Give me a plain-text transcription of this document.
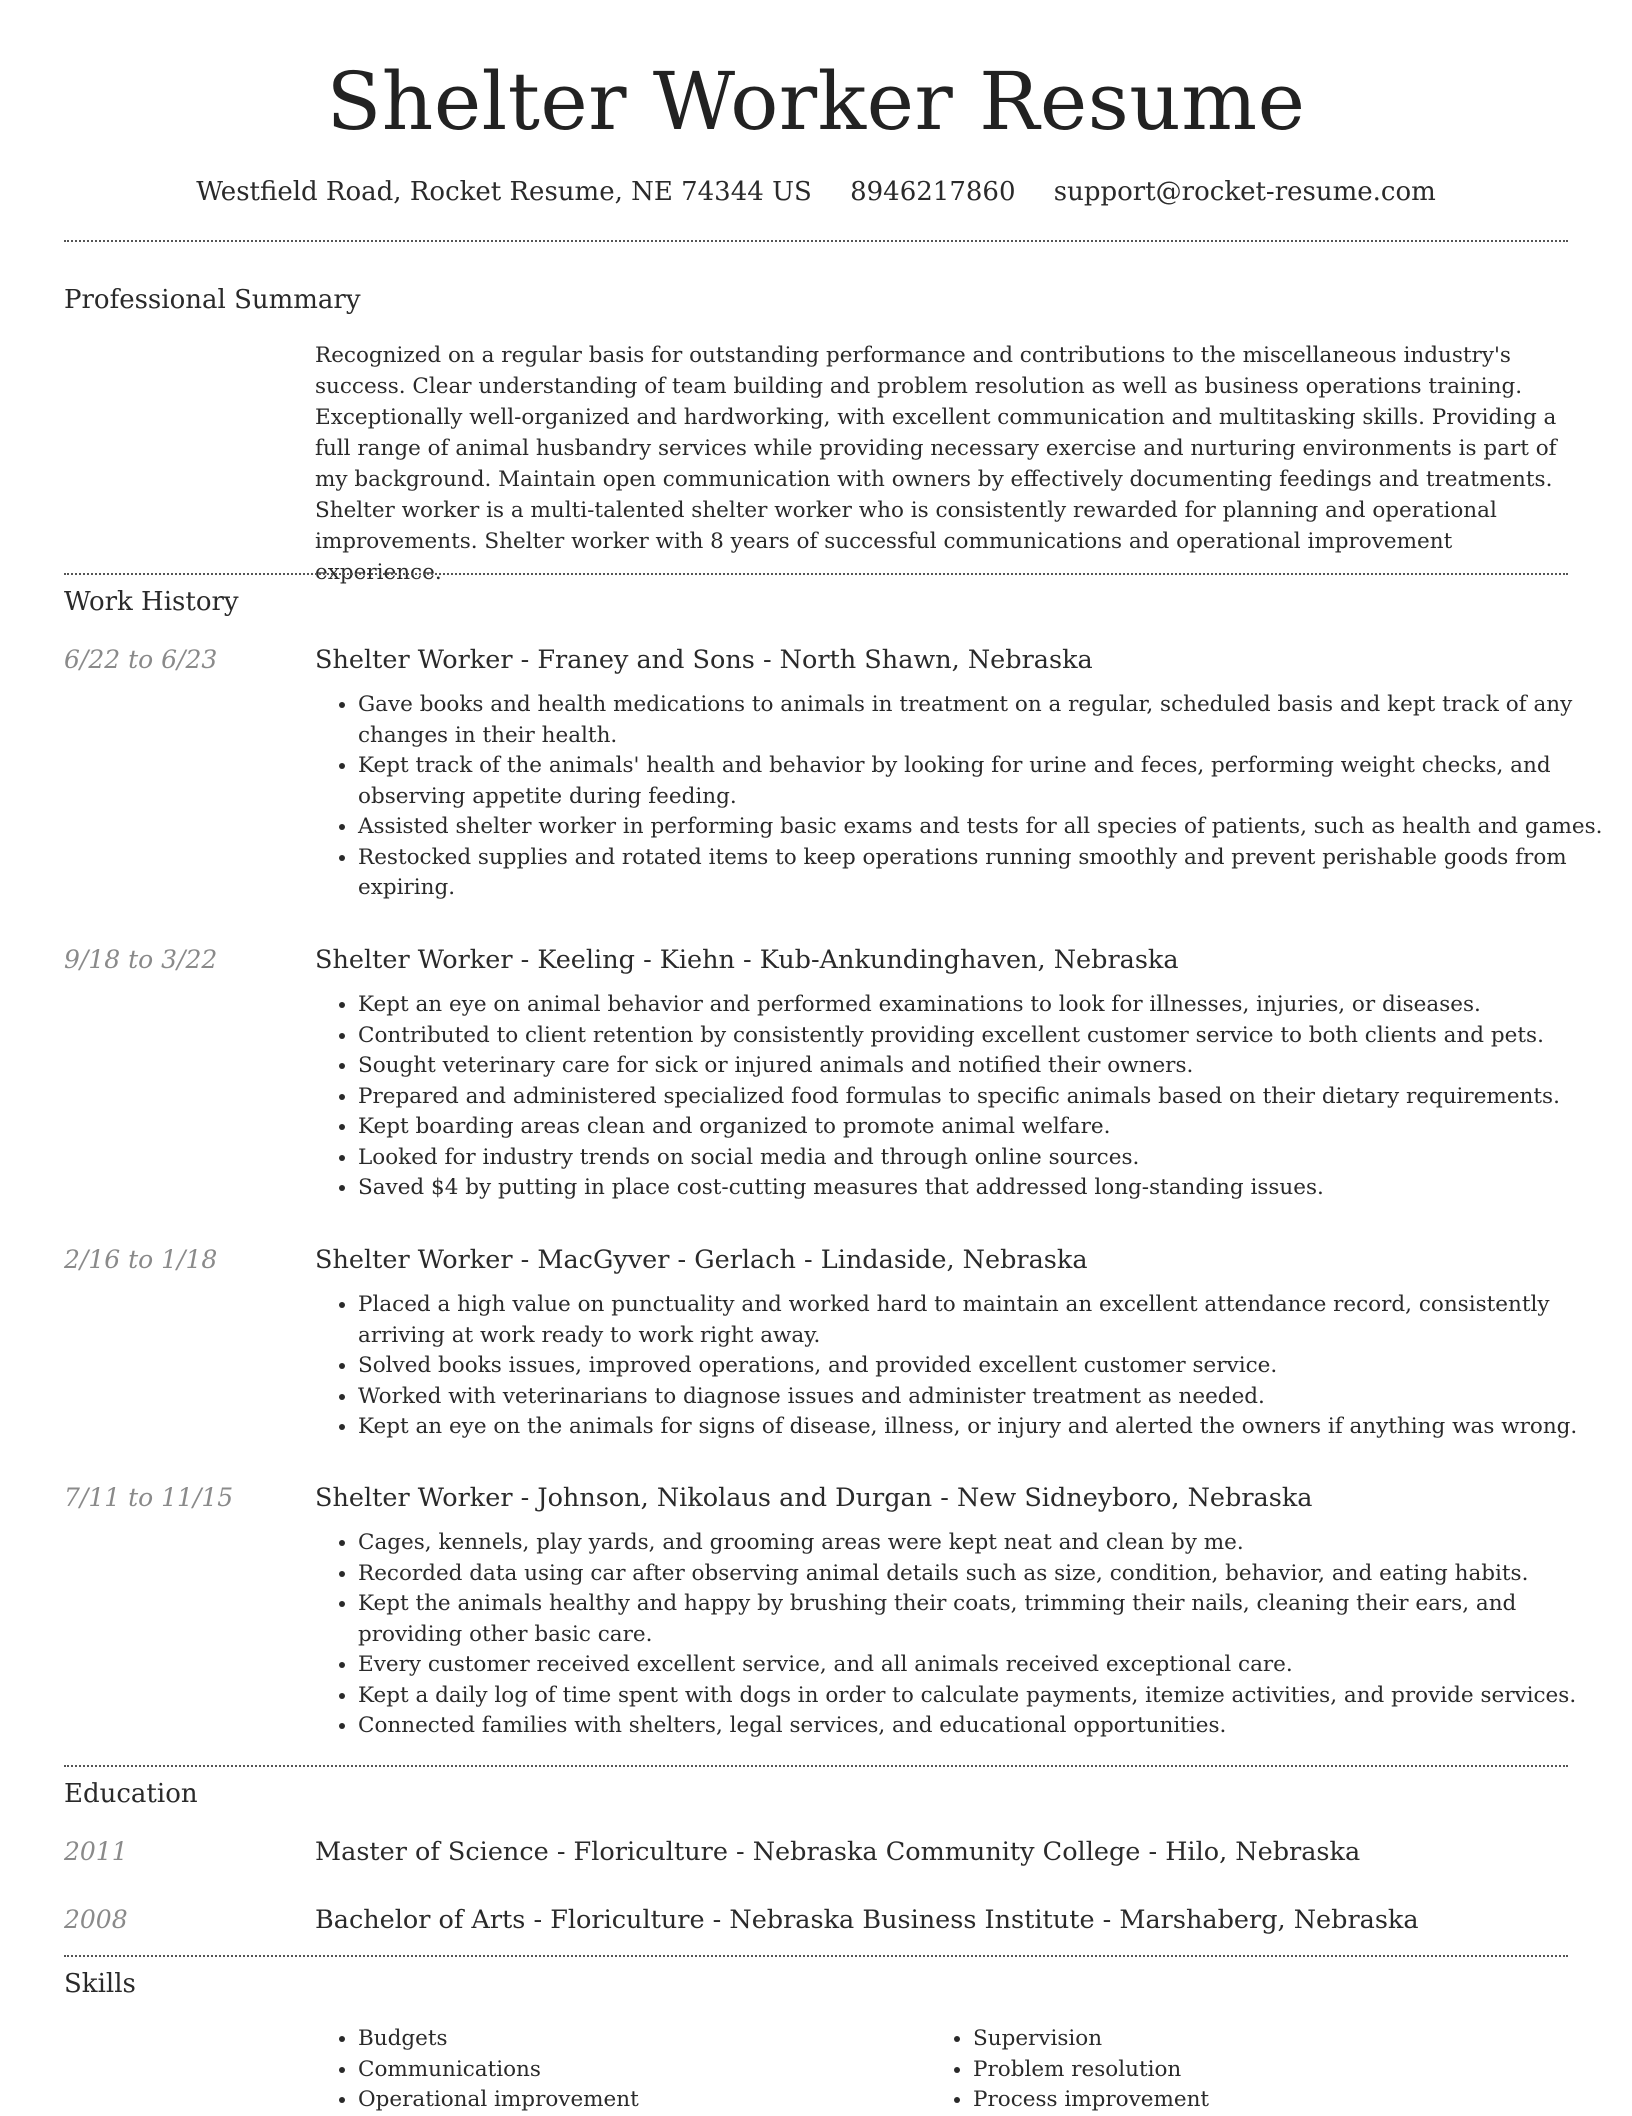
Shelter Worker Resume
Westfield Road, Rocket Resume, NE 74344 US 8946217860 support@rocket-resume.com
Professional Summary

Recognized on a regular basis for outstanding performance and contributions to the miscellaneous industry's success. Clear understanding of team building and problem resolution as well as business operations training. Exceptionally well-organized and hardworking, with excellent communication and multitasking skills. Providing a full range of animal husbandry services while providing necessary exercise and nurturing environments is part of my background. Maintain open communication with owners by effectively documenting feedings and treatments. Shelter worker is a multi-talented shelter worker who is consistently rewarded for planning and operational improvements. Shelter worker with 8 years of successful communications and operational improvement experience.

Work History
6/22 to 6/23	Shelter Worker - Franey and Sons - North Shawn, Nebraska
• Gave books and health medications to animals in treatment on a regular, scheduled basis and kept track of any changes in their health.
• Kept track of the animals' health and behavior by looking for urine and feces, performing weight checks, and observing appetite during feeding.
• Assisted shelter worker in performing basic exams and tests for all species of patients, such as health and games.
• Restocked supplies and rotated items to keep operations running smoothly and prevent perishable goods from expiring.
9/18 to 3/22	Shelter Worker - Keeling - Kiehn - Kub-Ankundinghaven, Nebraska
• Kept an eye on animal behavior and performed examinations to look for illnesses, injuries, or diseases.
• Contributed to client retention by consistently providing excellent customer service to both clients and pets.
• Sought veterinary care for sick or injured animals and notified their owners.
• Prepared and administered specialized food formulas to specific animals based on their dietary requirements.
• Kept boarding areas clean and organized to promote animal welfare.
• Looked for industry trends on social media and through online sources.
• Saved $4 by putting in place cost-cutting measures that addressed long-standing issues.
2/16 to 1/18	Shelter Worker - MacGyver - Gerlach - Lindaside, Nebraska
• Placed a high value on punctuality and worked hard to maintain an excellent attendance record, consistently arriving at work ready to work right away.
• Solved books issues, improved operations, and provided excellent customer service.
• Worked with veterinarians to diagnose issues and administer treatment as needed.
• Kept an eye on the animals for signs of disease, illness, or injury and alerted the owners if anything was wrong.
7/11 to 11/15	Shelter Worker - Johnson, Nikolaus and Durgan - New Sidneyboro, Nebraska
• Cages, kennels, play yards, and grooming areas were kept neat and clean by me.
• Recorded data using car after observing animal details such as size, condition, behavior, and eating habits.
• Kept the animals healthy and happy by brushing their coats, trimming their nails, cleaning their ears, and providing other basic care.
• Every customer received excellent service, and all animals received exceptional care.
• Kept a daily log of time spent with dogs in order to calculate payments, itemize activities, and provide services.
• Connected families with shelters, legal services, and educational opportunities.
Education
2011	Master of Science - Floriculture - Nebraska Community College - Hilo, Nebraska
2008	Bachelor of Arts - Floriculture - Nebraska Business Institute - Marshaberg, Nebraska
Skills
• Budgets
• Communications
• Operational improvement
• Supervision
• Problem resolution
• Process improvement
